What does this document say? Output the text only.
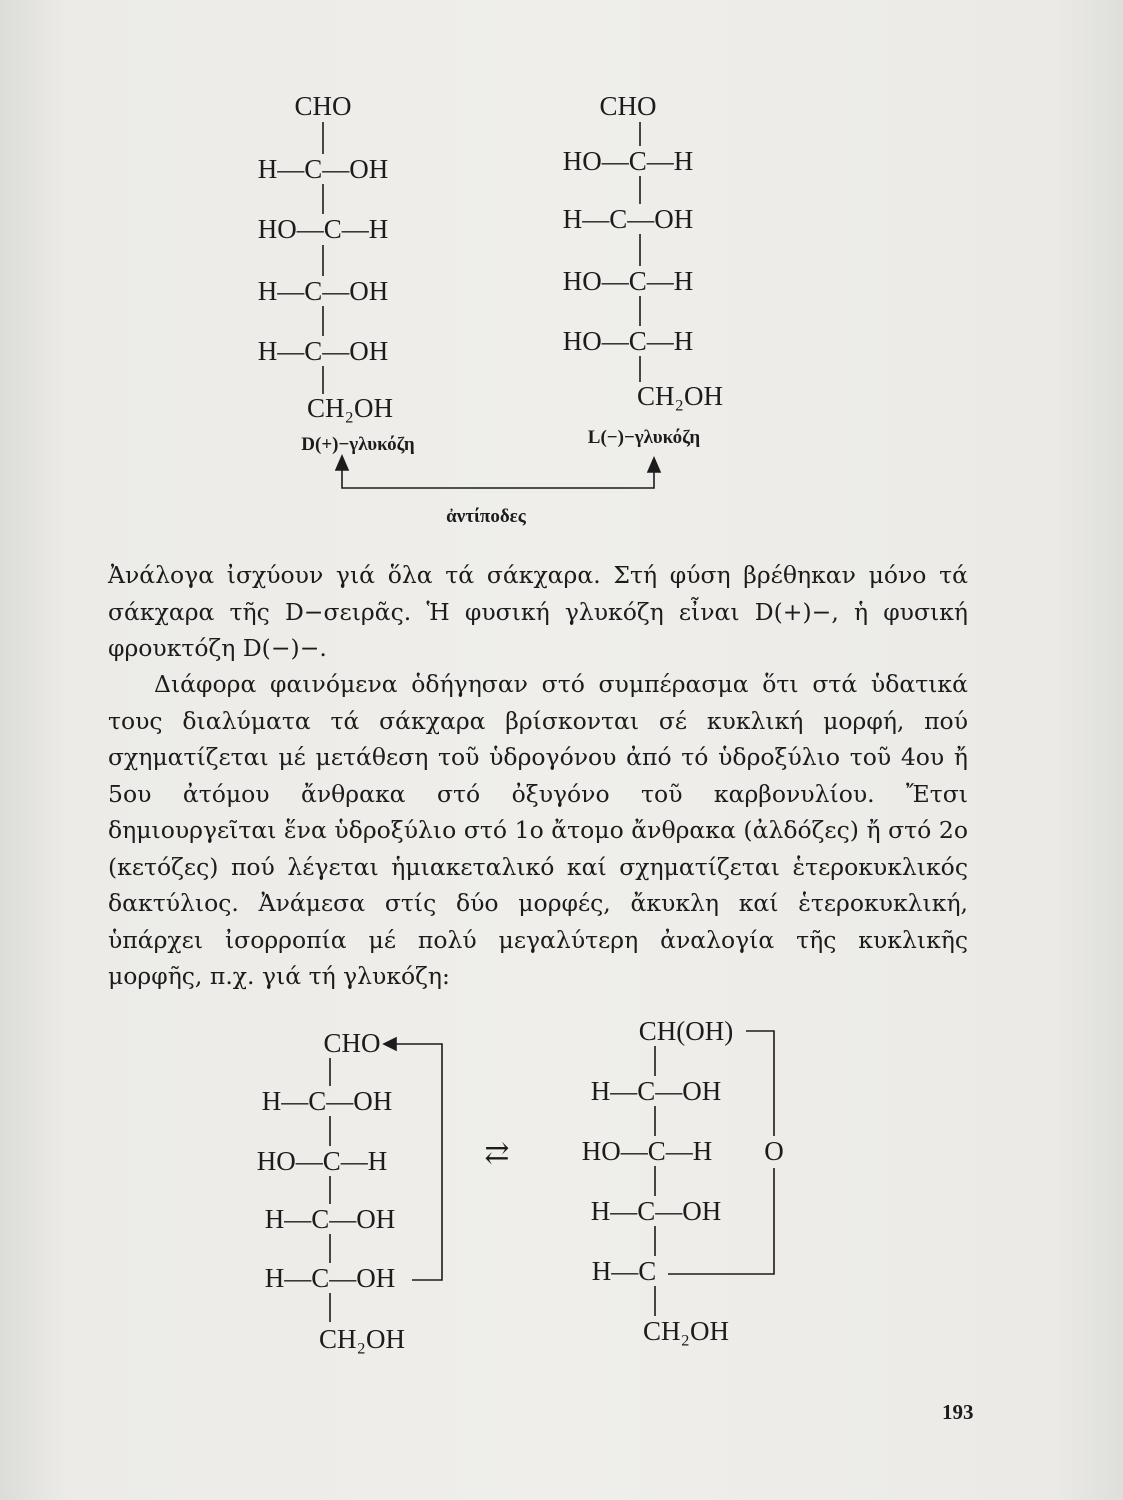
CHO
H—C—OH
HO—C—H
H—C—OH
H—C—OH
CH₂OH
D(+)−γλυκόζη
CHO
HO—C—H
H—C—OH
HO—C—H
HO—C—H
CH₂OH
L(−)−γλυκόζη
ἀντίποδες

Ἀνάλογα ἰσχύουν γιά ὅλα τά σάκχαρα. Στή φύση βρέθηκαν μόνο τά σάκχαρα τῆς D−σειρᾶς. Ἡ φυσική γλυκόζη εἶναι D(+)−, ἡ φυσική φρουκτόζη D(−)−.

Διάφορα φαινόμενα ὁδήγησαν στό συμπέρασμα ὅτι στά ὑδατικά τους διαλύματα τά σάκχαρα βρίσκονται σέ κυκλική μορφή, πού σχηματίζεται μέ μετάθεση τοῦ ὑδρογόνου ἀπό τό ὑδροξύλιο τοῦ 4ου ἤ 5ου ἀτόμου ἄνθρακα στό ὀξυγόνο τοῦ καρβονυλίου. Ἔτσι δημιουργεῖται ἕνα ὑδροξύλιο στό 1ο ἄτομο ἄνθρακα (ἀλδόζες) ἤ στό 2ο (κετόζες) πού λέγεται ἡμιακεταλικό καί σχηματίζεται ἑτεροκυκλικός δακτύλιος. Ἀνάμεσα στίς δύο μορφές, ἄκυκλη καί ἑτεροκυκλική, ὑπάρχει ἰσορροπία μέ πολύ μεγαλύτερη ἀναλογία τῆς κυκλικῆς μορφῆς, π.χ. γιά τή γλυκόζη:

CHO
H—C—OH
HO—C—H
H—C—OH
H—C—OH
CH₂OH
⇄
CH(OH)
H—C—OH
HO—C—H
H—C—OH
H—C
CH₂OH
O
193
